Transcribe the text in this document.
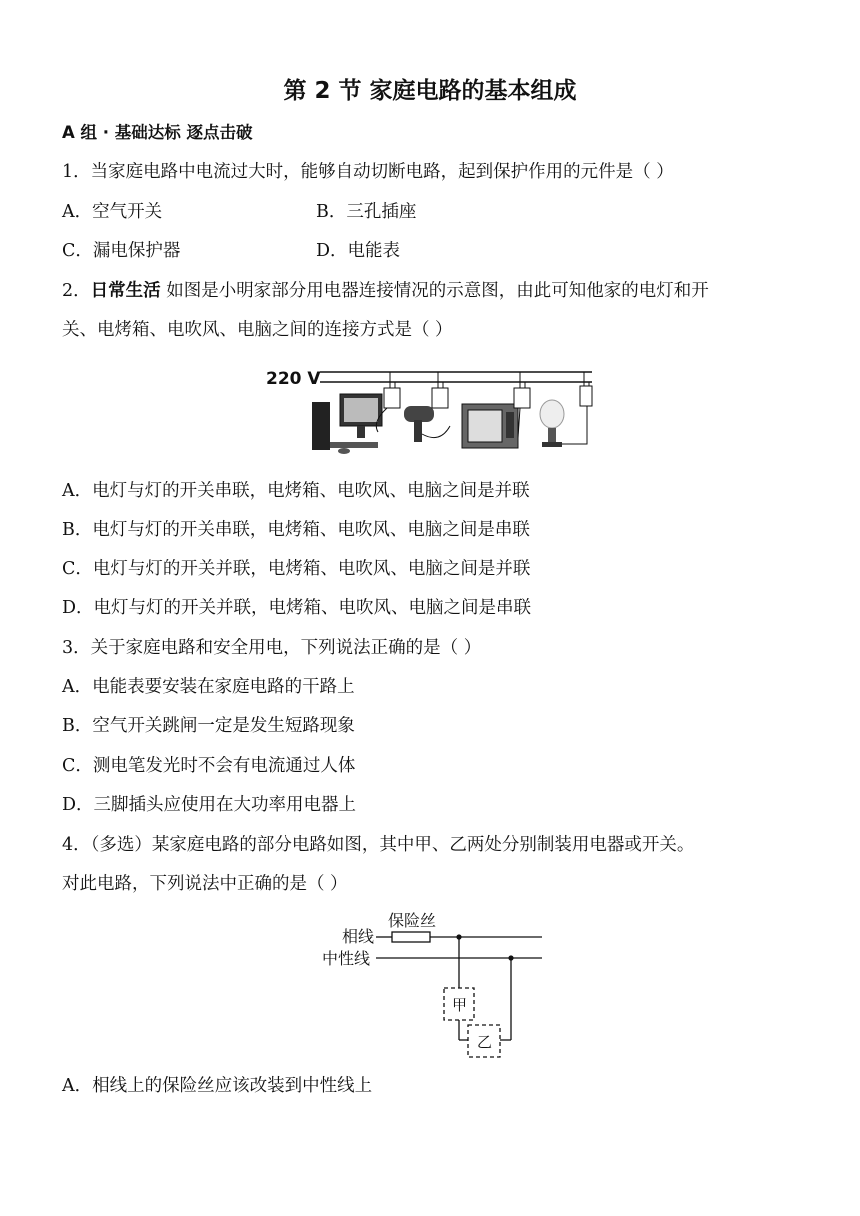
第 2 节 家庭电路的基本组成
A 组 · 基础达标 逐点击破
1．当家庭电路中电流过大时，能够自动切断电路，起到保护作用的元件是（ ）
A．空气开关	B．三孔插座
C．漏电保护器	D．电能表
2．日常生活 如图是小明家部分用电器连接情况的示意图，由此可知他家的电灯和开
关、电烤箱、电吹风、电脑之间的连接方式是（ ）
220 V
A．电灯与灯的开关串联，电烤箱、电吹风、电脑之间是并联
B．电灯与灯的开关串联，电烤箱、电吹风、电脑之间是串联
C．电灯与灯的开关并联，电烤箱、电吹风、电脑之间是并联
D．电灯与灯的开关并联，电烤箱、电吹风、电脑之间是串联
3．关于家庭电路和安全用电，下列说法正确的是（ ）
A．电能表要安装在家庭电路的干路上
B．空气开关跳闸一定是发生短路现象
C．测电笔发光时不会有电流通过人体
D．三脚插头应使用在大功率用电器上
4．（多选）某家庭电路的部分电路如图，其中甲、乙两处分别制装用电器或开关。
对此电路，下列说法中正确的是（ ）
保险丝
相线
中性线
甲
乙
A．相线上的保险丝应该改装到中性线上
